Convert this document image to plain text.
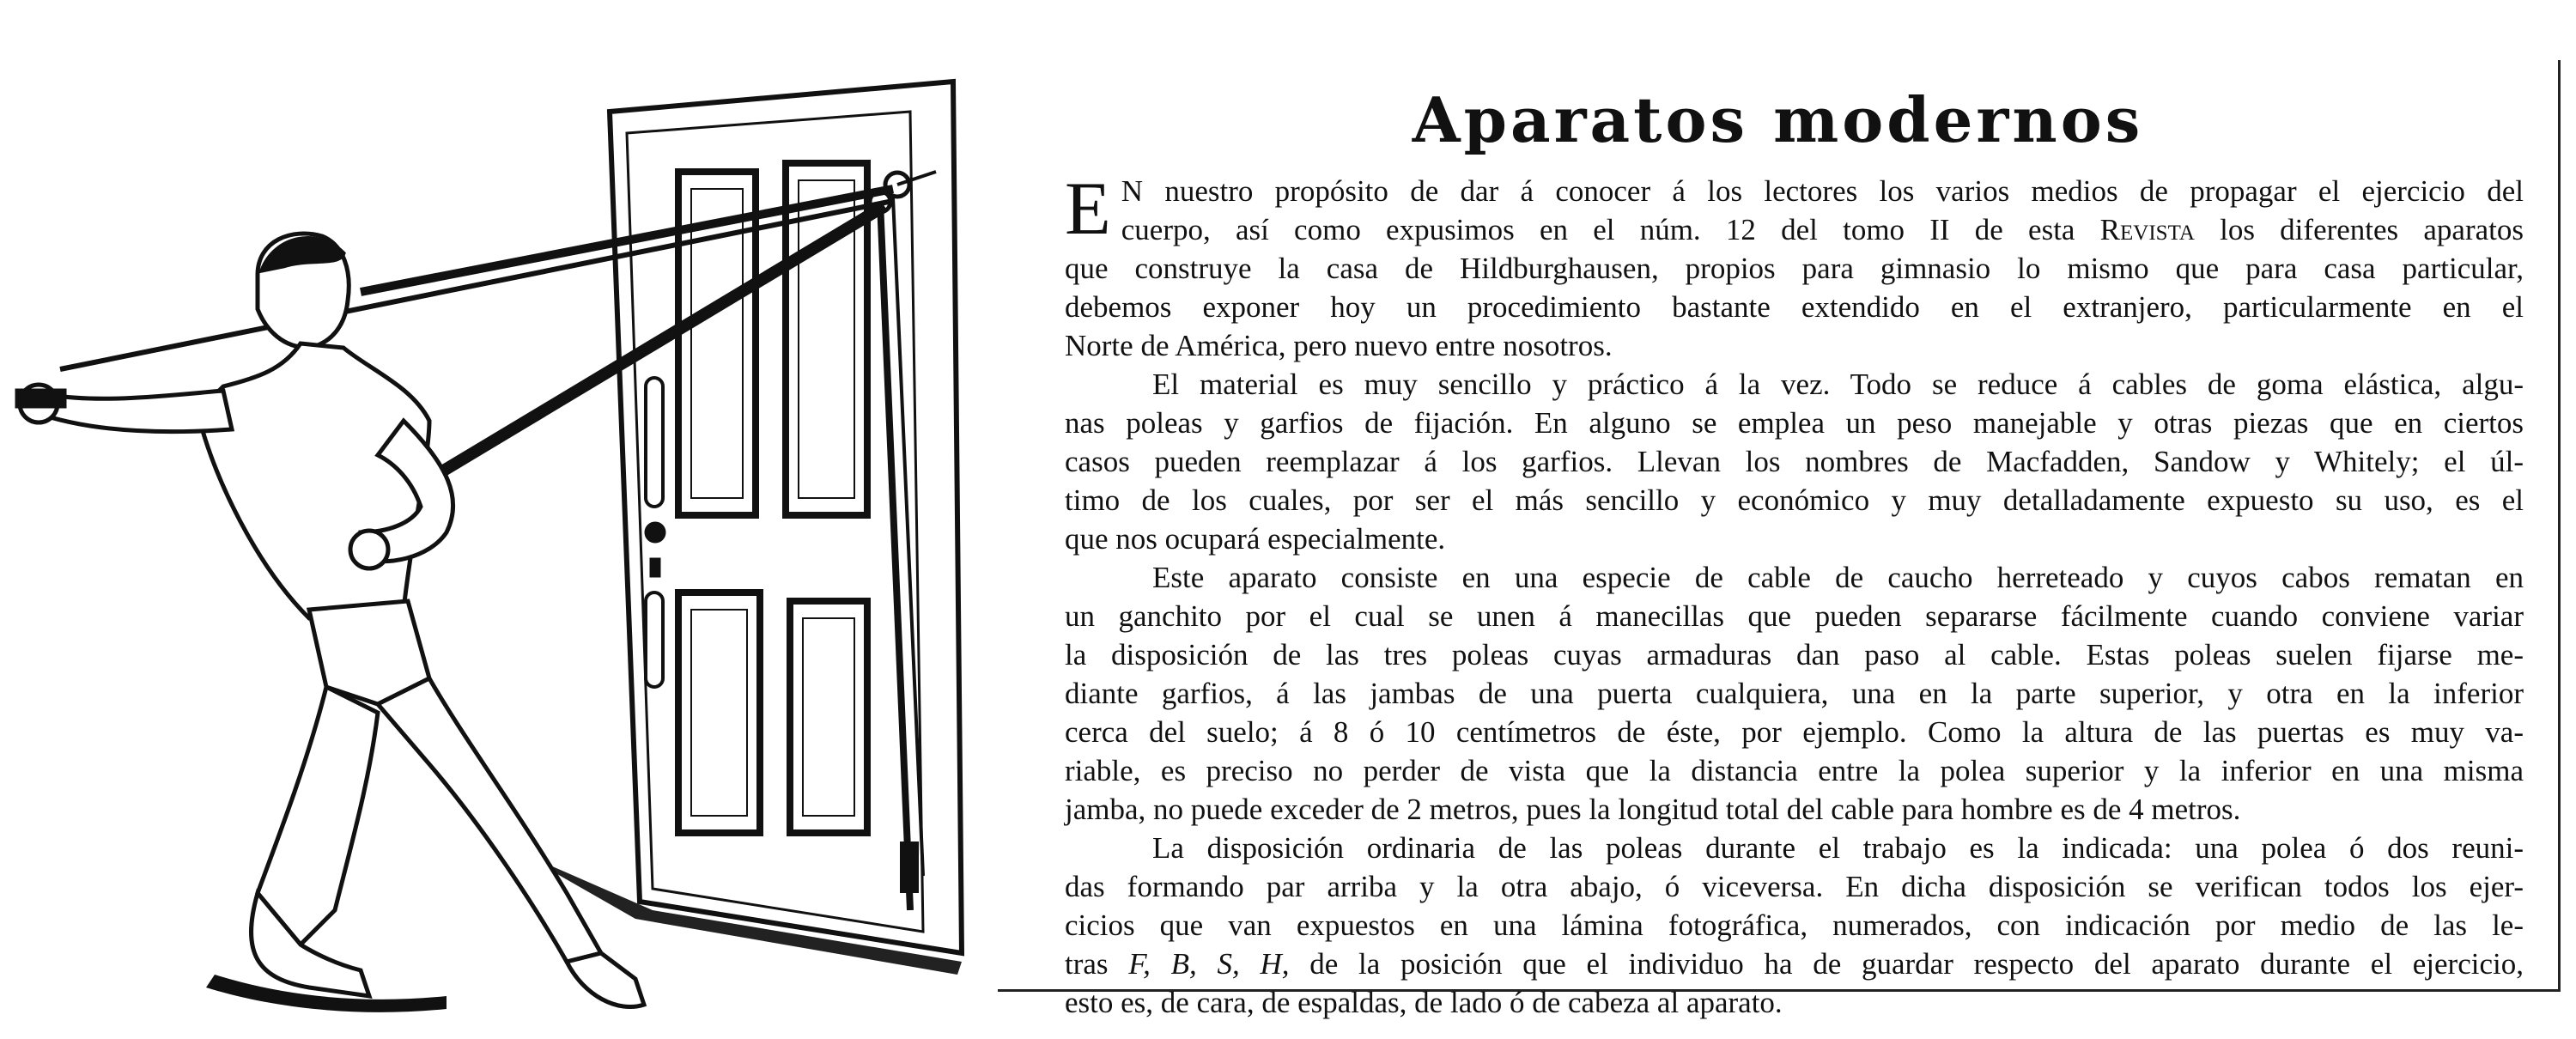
Aparatos modernos
E N nuestro propósito de dar á conocer á los lectores los varios medios de propagar el ejercicio del
cuerpo, así como expusimos en el núm. 12 del tomo II de esta Revista los diferentes aparatos
que construye la casa de Hildburghausen, propios para gimnasio lo mismo que para casa particular,
debemos exponer hoy un procedimiento bastante extendido en el extranjero, particularmente en el
Norte de América, pero nuevo entre nosotros.
El material es muy sencillo y práctico á la vez. Todo se reduce á cables de goma elástica, algu-
nas poleas y garfios de fijación. En alguno se emplea un peso manejable y otras piezas que en ciertos
casos pueden reemplazar á los garfios. Llevan los nombres de Macfadden, Sandow y Whitely; el úl-
timo de los cuales, por ser el más sencillo y económico y muy detalladamente expuesto su uso, es el
que nos ocupará especialmente.
Este aparato consiste en una especie de cable de caucho herreteado y cuyos cabos rematan en
un ganchito por el cual se unen á manecillas que pueden separarse fácilmente cuando conviene variar
la disposición de las tres poleas cuyas armaduras dan paso al cable. Estas poleas suelen fijarse me-
diante garfios, á las jambas de una puerta cualquiera, una en la parte superior, y otra en la inferior
cerca del suelo; á 8 ó 10 centímetros de éste, por ejemplo. Como la altura de las puertas es muy va-
riable, es preciso no perder de vista que la distancia entre la polea superior y la inferior en una misma
jamba, no puede exceder de 2 metros, pues la longitud total del cable para hombre es de 4 metros.
La disposición ordinaria de las poleas durante el trabajo es la indicada: una polea ó dos reuni-
das formando par arriba y la otra abajo, ó viceversa. En dicha disposición se verifican todos los ejer-
cicios que van expuestos en una lámina fotográfica, numerados, con indicación por medio de las le-
tras F, B, S, H, de la posición que el individuo ha de guardar respecto del aparato durante el ejercicio,
esto es, de cara, de espaldas, de lado ó de cabeza al aparato.
